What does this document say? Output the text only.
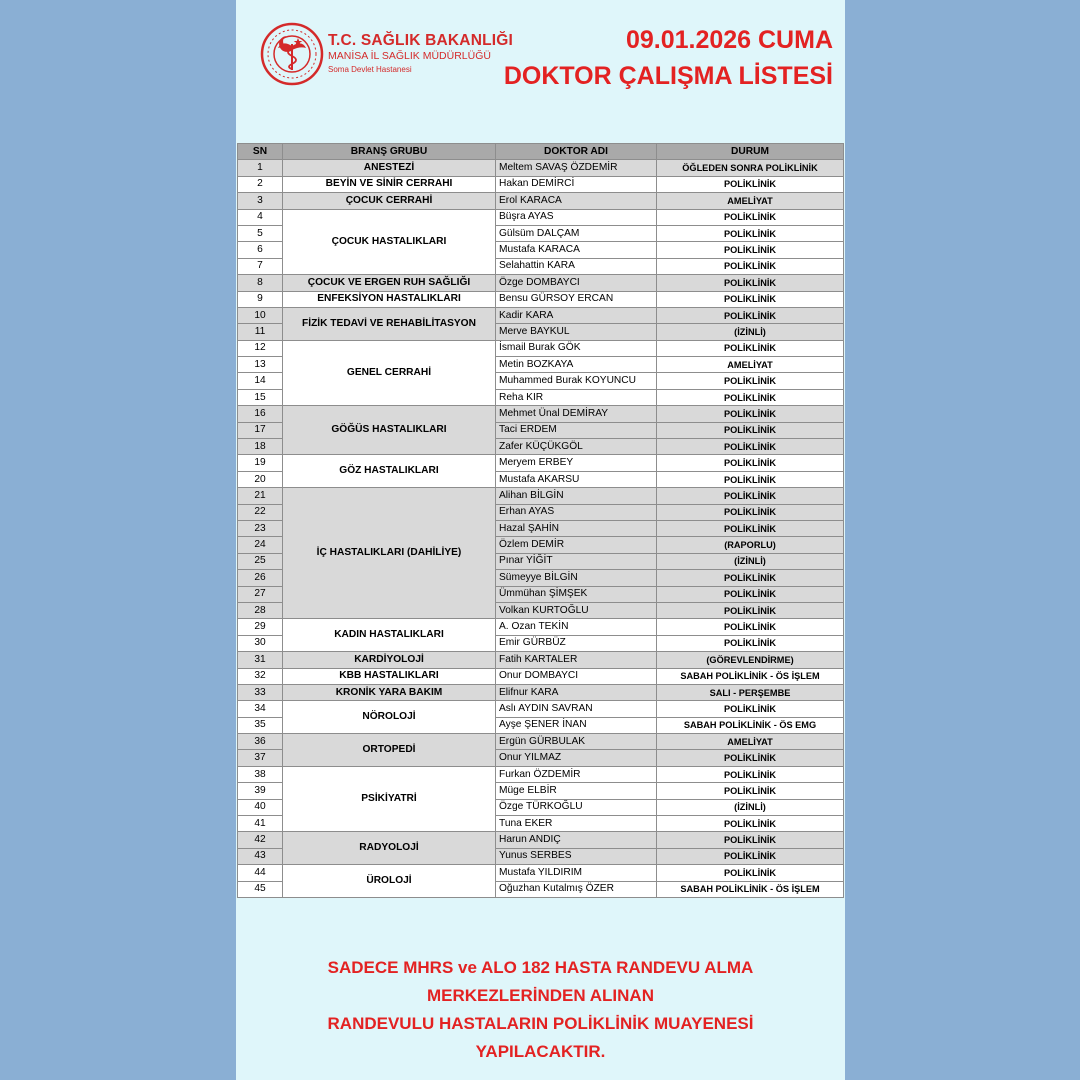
T.C. SAĞLIK BAKANLIĞI
MANİSA İL SAĞLIK MÜDÜRLÜĞÜ
Soma Devlet Hastanesi
09.01.2026 CUMA
DOKTOR ÇALIŞMA LİSTESİ
SN	BRANŞ GRUBU	DOKTOR ADI	DURUM
1	ANESTEZİ	Meltem SAVAŞ ÖZDEMİR	ÖĞLEDEN SONRA POLİKLİNİK
2	BEYİN VE SİNİR CERRAHI	Hakan DEMİRCİ	POLİKLİNİK
3	ÇOCUK CERRAHİ	Erol KARACA	AMELİYAT
4	ÇOCUK HASTALIKLARI	Büşra AYAS	POLİKLİNİK
5		Gülsüm DALÇAM	POLİKLİNİK
6		Mustafa KARACA	POLİKLİNİK
7		Selahattin KARA	POLİKLİNİK
8	ÇOCUK VE ERGEN RUH SAĞLIĞI	Özge DOMBAYCI	POLİKLİNİK
9	ENFEKSİYON HASTALIKLARI	Bensu GÜRSOY ERCAN	POLİKLİNİK
10	FİZİK TEDAVİ VE REHABİLİTASYON	Kadir KARA	POLİKLİNİK
11		Merve BAYKUL	(İZİNLİ)
12	GENEL CERRAHİ	İsmail Burak GÖK	POLİKLİNİK
13		Metin BOZKAYA	AMELİYAT
14		Muhammed Burak KOYUNCU	POLİKLİNİK
15		Reha KIR	POLİKLİNİK
16	GÖĞÜS HASTALIKLARI	Mehmet Ünal DEMİRAY	POLİKLİNİK
17		Taci ERDEM	POLİKLİNİK
18		Zafer KÜÇÜKGÖL	POLİKLİNİK
19	GÖZ HASTALIKLARI	Meryem ERBEY	POLİKLİNİK
20		Mustafa AKARSU	POLİKLİNİK
21	İÇ HASTALIKLARI (DAHİLİYE)	Alihan BİLGİN	POLİKLİNİK
22		Erhan AYAS	POLİKLİNİK
23		Hazal ŞAHİN	POLİKLİNİK
24		Özlem DEMİR	(RAPORLU)
25		Pınar YİĞİT	(İZİNLİ)
26		Sümeyye BİLGİN	POLİKLİNİK
27		Ümmühan ŞİMŞEK	POLİKLİNİK
28		Volkan KURTOĞLU	POLİKLİNİK
29	KADIN HASTALIKLARI	A. Ozan TEKİN	POLİKLİNİK
30		Emir GÜRBÜZ	POLİKLİNİK
31	KARDİYOLOJİ	Fatih KARTALER	(GÖREVLENDİRME)
32	KBB HASTALIKLARI	Onur DOMBAYCI	SABAH POLİKLİNİK - ÖS İŞLEM
33	KRONİK YARA BAKIM	Elifnur KARA	SALI - PERŞEMBE
34	NÖROLOJİ	Aslı AYDIN SAVRAN	POLİKLİNİK
35		Ayşe ŞENER İNAN	SABAH POLİKLİNİK - ÖS EMG
36	ORTOPEDİ	Ergün GÜRBULAK	AMELİYAT
37		Onur YILMAZ	POLİKLİNİK
38	PSİKİYATRİ	Furkan ÖZDEMİR	POLİKLİNİK
39		Müge ELBİR	POLİKLİNİK
40		Özge TÜRKOĞLU	(İZİNLİ)
41		Tuna EKER	POLİKLİNİK
42	RADYOLOJİ	Harun ANDIÇ	POLİKLİNİK
43		Yunus SERBES	POLİKLİNİK
44	ÜROLOJİ	Mustafa YILDIRIM	POLİKLİNİK
45		Oğuzhan Kutalmış ÖZER	SABAH POLİKLİNİK - ÖS İŞLEM
SADECE MHRS ve ALO 182 HASTA RANDEVU ALMA
MERKEZLERİNDEN ALINAN
RANDEVULU HASTALARIN POLİKLİNİK MUAYENESİ
YAPILACAKTIR.
